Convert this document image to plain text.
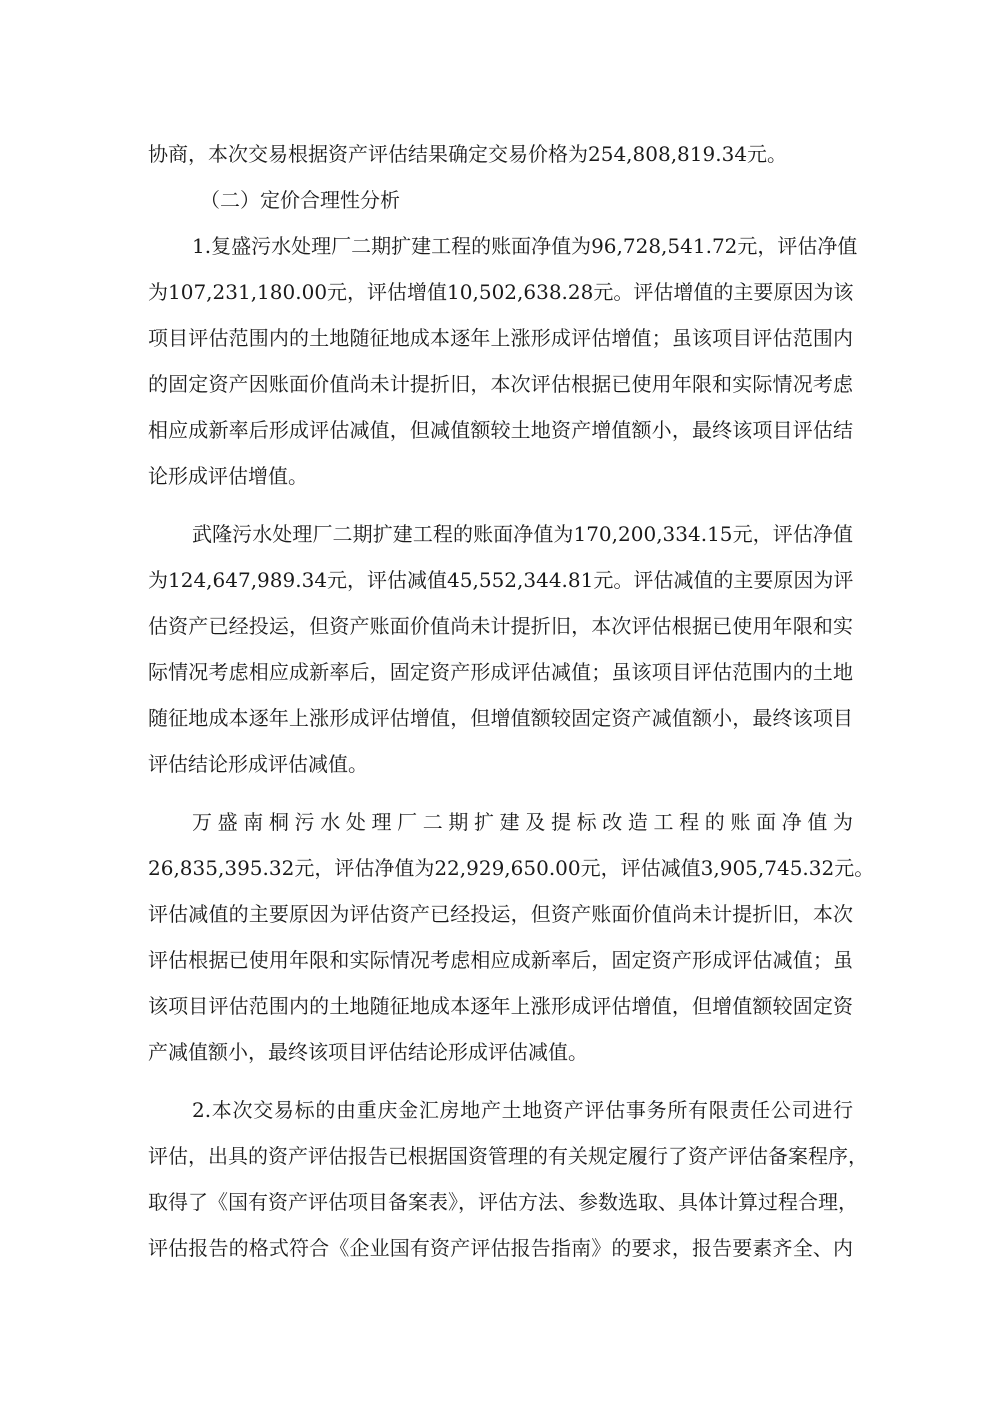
协商，本次交易根据资产评估结果确定交易价格为254,808,819.34元。
（二）定价合理性分析
1.复盛污水处理厂二期扩建工程的账面净值为96,728,541.72元，评估净值
为107,231,180.00元，评估增值10,502,638.28元。评估增值的主要原因为该
项目评估范围内的土地随征地成本逐年上涨形成评估增值；虽该项目评估范围内
的固定资产因账面价值尚未计提折旧，本次评估根据已使用年限和实际情况考虑
相应成新率后形成评估减值，但减值额较土地资产增值额小，最终该项目评估结
论形成评估增值。
武隆污水处理厂二期扩建工程的账面净值为170,200,334.15元，评估净值
为124,647,989.34元，评估减值45,552,344.81元。评估减值的主要原因为评
估资产已经投运，但资产账面价值尚未计提折旧，本次评估根据已使用年限和实
际情况考虑相应成新率后，固定资产形成评估减值；虽该项目评估范围内的土地
随征地成本逐年上涨形成评估增值，但增值额较固定资产减值额小，最终该项目
评估结论形成评估减值。
万盛南桐污水处理厂二期扩建及提标改造工程的账面净值为
26,835,395.32元，评估净值为22,929,650.00元，评估减值3,905,745.32元。
评估减值的主要原因为评估资产已经投运，但资产账面价值尚未计提折旧，本次
评估根据已使用年限和实际情况考虑相应成新率后，固定资产形成评估减值；虽
该项目评估范围内的土地随征地成本逐年上涨形成评估增值，但增值额较固定资
产减值额小，最终该项目评估结论形成评估减值。
2.本次交易标的由重庆金汇房地产土地资产评估事务所有限责任公司进行
评估，出具的资产评估报告已根据国资管理的有关规定履行了资产评估备案程序，
取得了《国有资产评估项目备案表》，评估方法、参数选取、具体计算过程合理，
评估报告的格式符合《企业国有资产评估报告指南》的要求，报告要素齐全、内
